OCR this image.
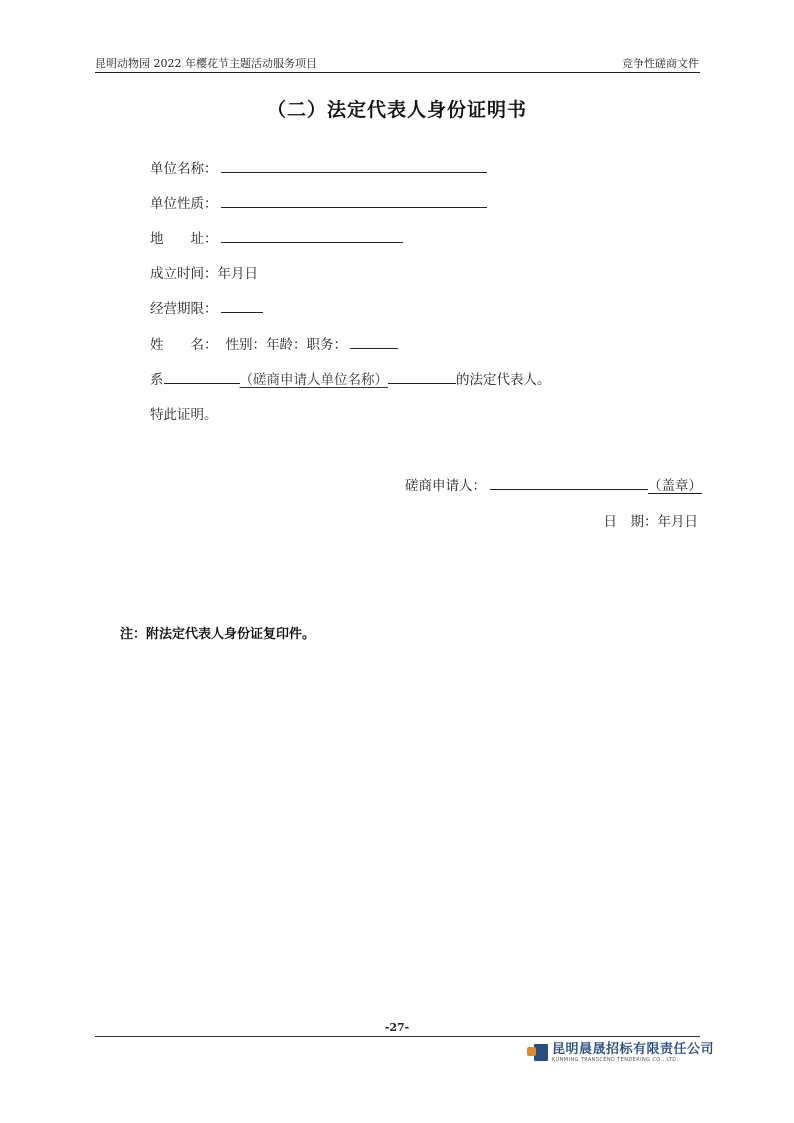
昆明动物园 2022 年樱花节主题活动服务项目	竞争性磋商文件
（二）法定代表人身份证明书
单位名称：
单位性质：
地 址：
成立时间：年月日
经营期限：
姓 名： 性别：年龄：职务：
系	（磋商申请人单位名称）	的法定代表人。
特此证明。
磋商申请人：	（盖章）
日　期：年月日
注：附法定代表人身份证复印件。
-27-
昆明晨晟招标有限责任公司
KUNMING TRANSCEND TENDERING CO., LTD.
